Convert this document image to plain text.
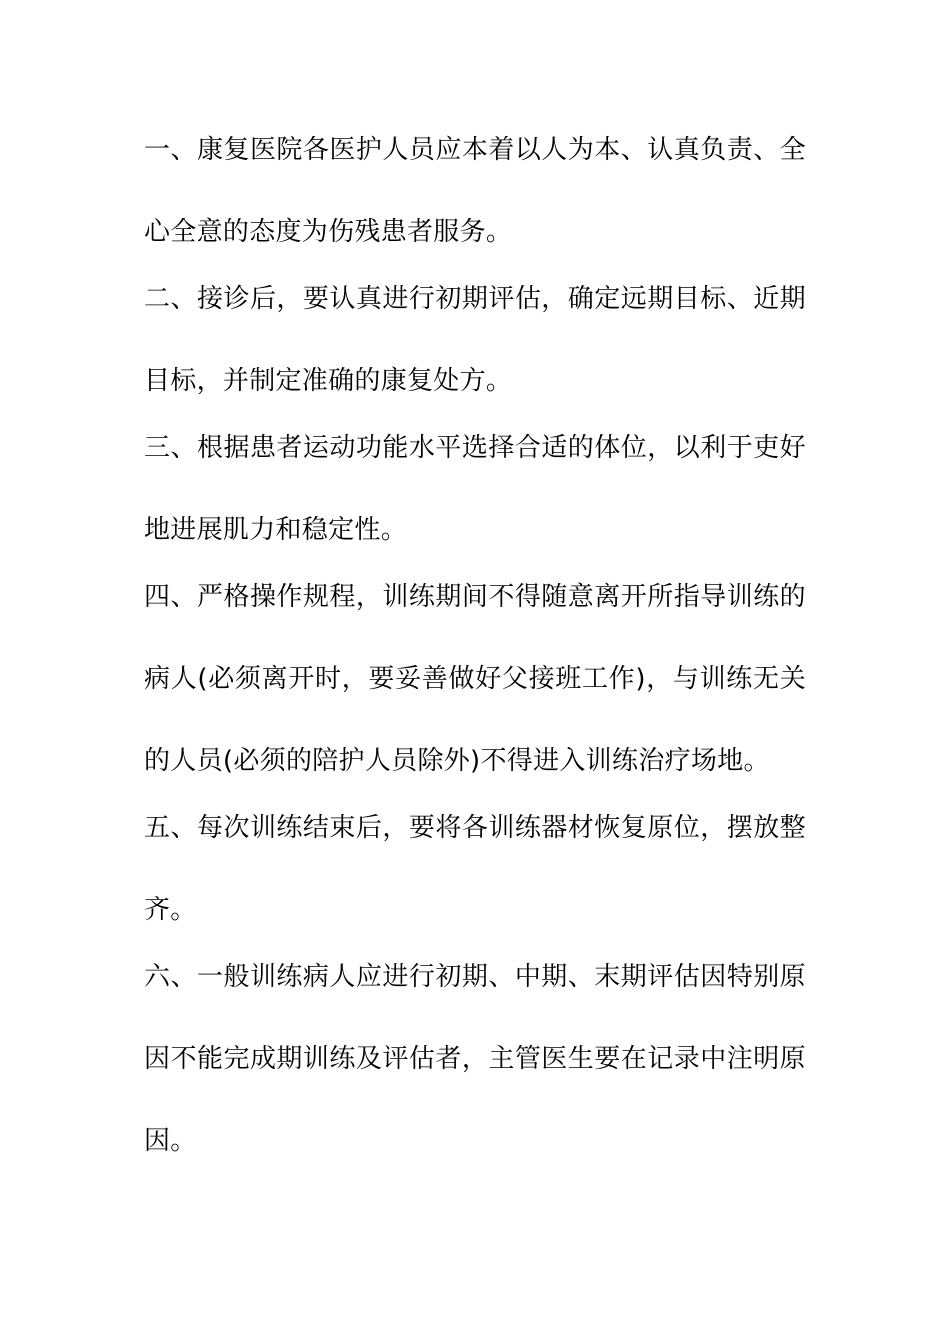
一、康复医院各医护人员应本着以人为本、认真负责、全
心全意的态度为伤残患者服务。
二、接诊后，要认真进行初期评估，确定远期目标、近期
目标，并制定准确的康复处方。
三、根据患者运动功能水平选择合适的体位，以利于吏好
地进展肌力和稳定性。
四、严格操作规程，训练期间不得随意离开所指导训练的
病人(必须离开时，要妥善做好父接班工作)，与训练无关
的人员(必须的陪护人员除外)不得进入训练治疗场地。
五、每次训练结束后，要将各训练器材恢复原位，摆放整
齐。
六、一般训练病人应进行初期、中期、末期评估因特别原
因不能完成期训练及评估者，主管医生要在记录中注明原
因。
